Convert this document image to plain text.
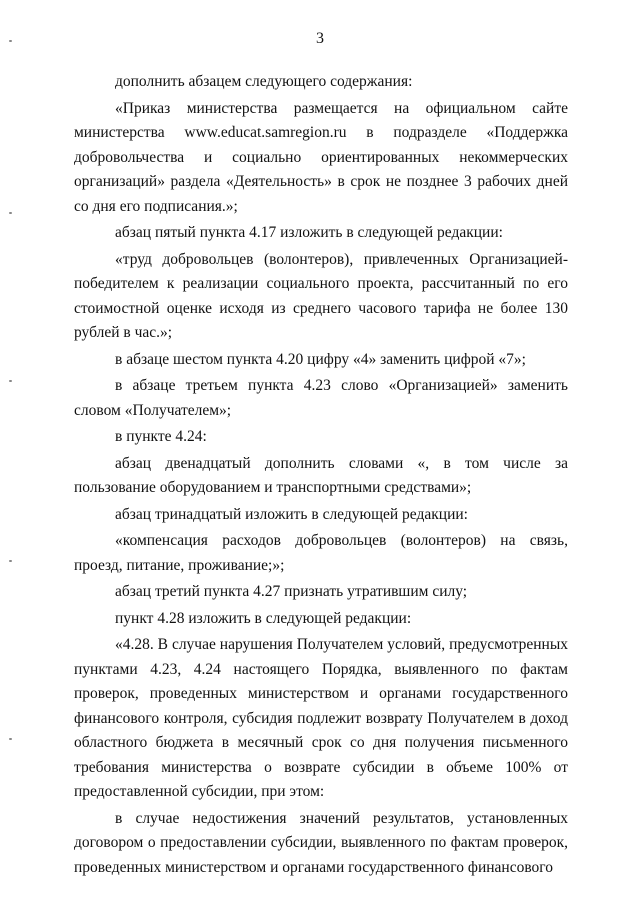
3

дополнить абзацем следующего содержания:

«Приказ министерства размещается на официальном сайте министерства www.educat.samregion.ru в подразделе «Поддержка добровольчества и социально ориентированных некоммерческих организаций» раздела «Деятельность» в срок не позднее 3 рабочих дней со дня его подписания.»;

абзац пятый пункта 4.17 изложить в следующей редакции:

«труд добровольцев (волонтеров), привлеченных Организацией-победителем к реализации социального проекта, рассчитанный по его стоимостной оценке исходя из среднего часового тарифа не более 130 рублей в час.»;

в абзаце шестом пункта 4.20 цифру «4» заменить цифрой «7»;

в абзаце третьем пункта 4.23 слово «Организацией» заменить словом «Получателем»;

в пункте 4.24:

абзац двенадцатый дополнить словами «, в том числе за пользование оборудованием и транспортными средствами»;

абзац тринадцатый изложить в следующей редакции:

«компенсация расходов добровольцев (волонтеров) на связь, проезд, питание, проживание;»;

абзац третий пункта 4.27 признать утратившим силу;

пункт 4.28 изложить в следующей редакции:

«4.28. В случае нарушения Получателем условий, предусмотренных пунктами 4.23, 4.24 настоящего Порядка, выявленного по фактам проверок, проведенных министерством и органами государственного финансового контроля, субсидия подлежит возврату Получателем в доход областного бюджета в месячный срок со дня получения письменного требования министерства о возврате субсидии в объеме 100% от предоставленной субсидии, при этом:

в случае недостижения значений результатов, установленных договором о предоставлении субсидии, выявленного по фактам проверок, проведенных министерством и органами государственного финансового
